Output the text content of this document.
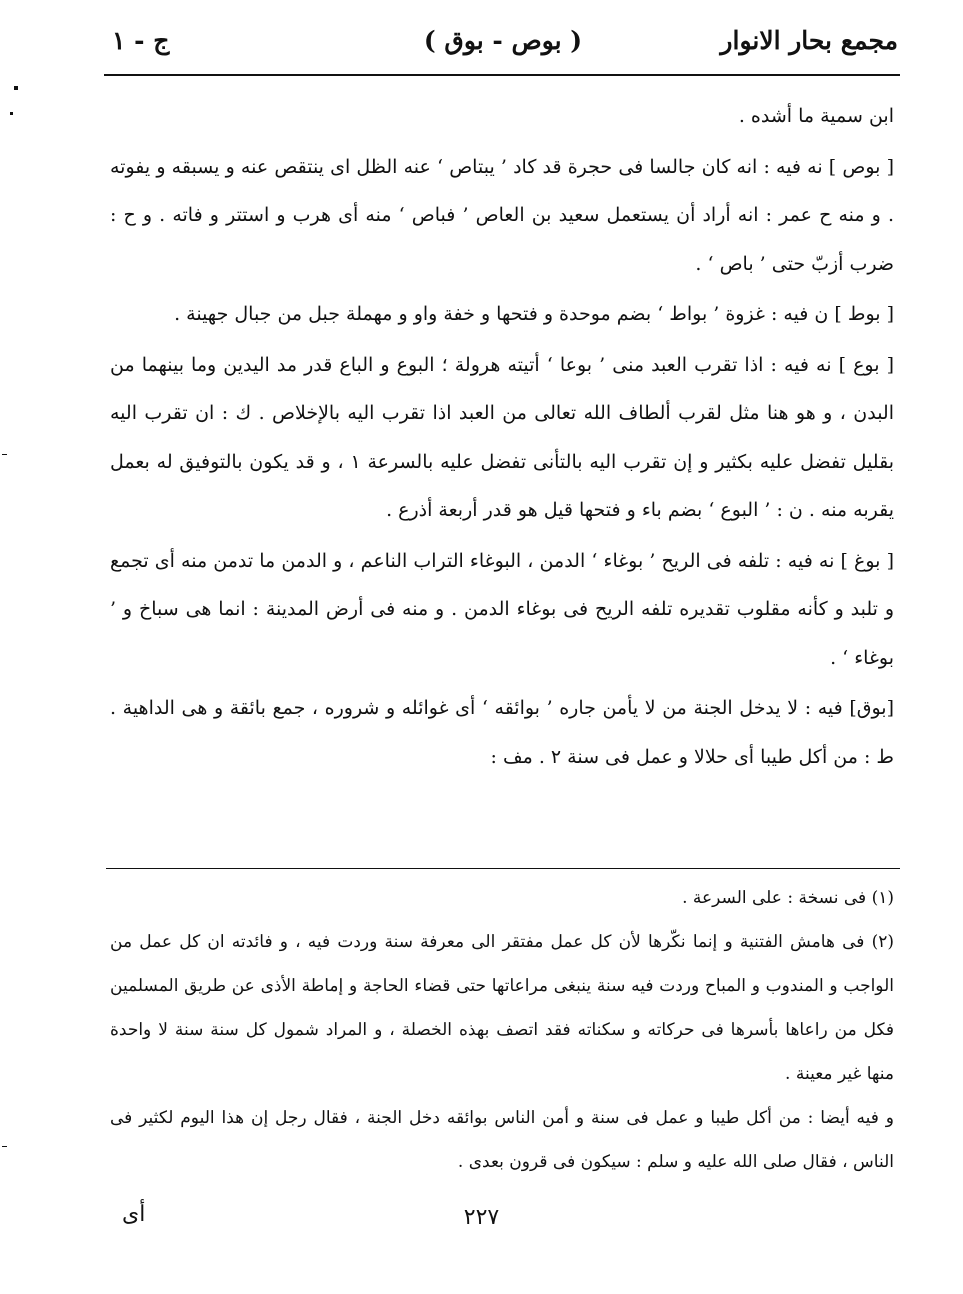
مجمع بحار الانوار
( بوص - بوق )
ج - ١

ابن سمية ما أشده .

[ بوص ] نه فيه : انه كان جالسا فى حجرة قد كاد ’ يبتاص ‘ عنه الظل اى ينتقص عنه و يسبقه و يفوته . و منه ح عمر : انه أراد أن يستعمل سعيد بن العاص ’ فباص ‘ منه أى هرب و استتر و فاته . و ح : ضرب أزبّ حتى ’ باص ‘ .

[ بوط ] ن فيه : غزوة ’ بواط ‘ بضم موحدة و فتحها و خفة واو و مهملة جبل من جبال جهينة .

[ بوع ] نه فيه : اذا تقرب العبد منى ’ بوعا ‘ أتيته هرولة ؛ البوع و الباع قدر مد اليدين وما بينهما من البدن ، و هو هنا مثل لقرب ألطاف الله تعالى من العبد اذا تقرب اليه بالإخلاص . ك : ان تقرب اليه بقليل تفضل عليه بكثير و إن تقرب اليه بالتأنى تفضل عليه بالسرعة ١ ، و قد يكون بالتوفيق له بعمل يقربه منه . ن : ’ البوع ‘ بضم باء و فتحها قيل هو قدر أربعة أذرع .

[ بوغ ] نه فيه : تلفه فى الريح ’ بوغاء ‘ الدمن ، البوغاء التراب الناعم ، و الدمن ما تدمن منه أى تجمع و تلبد و كأنه مقلوب تقديره تلفه الريح فى بوغاء الدمن . و منه فى أرض المدينة : انما هى سباخ و ’ بوغاء ‘ .

[بوق] فيه : لا يدخل الجنة من لا يأمن جاره ’ بوائقه ‘ أى غوائله و شروره ، جمع بائقة و هى الداهية . ط : من أكل طيبا أى حلالا و عمل فى سنة ٢ . مف :

(١) فى نسخة : على السرعة .

(٢) فى هامش الفتنية و إنما نكّرها لأن كل عمل مفتقر الى معرفة سنة وردت فيه ، و فائدته ان كل عمل من الواجب و المندوب و المباح وردت فيه سنة ينبغى مراعاتها حتى قضاء الحاجة و إماطة الأذى عن طريق المسلمين فكل من راعاها بأسرها فى حركاته و سكناته فقد اتصف بهذه الخصلة ، و المراد شمول كل سنة سنة لا واحدة منها غير معينة .

و فيه أيضا : من أكل طيبا و عمل فى سنة و أمن الناس بوائقه دخل الجنة ، فقال رجل إن هذا اليوم لكثير فى الناس ، فقال صلى الله عليه و سلم : سيكون فى قرون بعدى .

أى	٢٢٧
